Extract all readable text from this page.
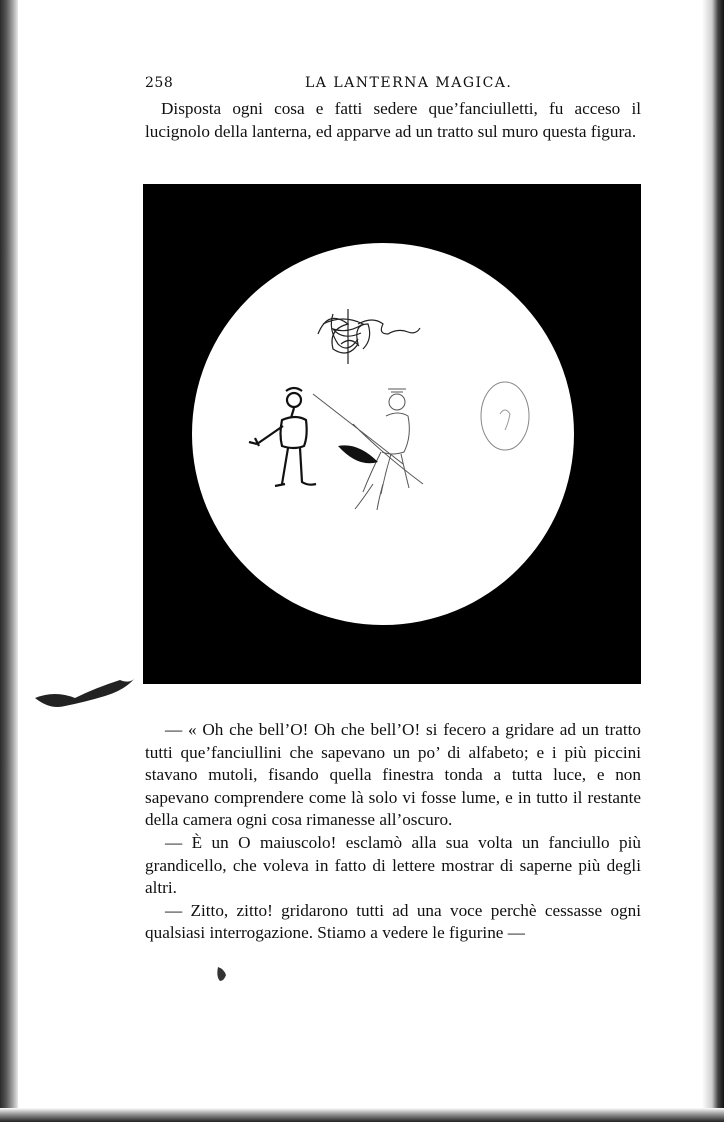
258	LA LANTERNA MAGICA.

Disposta ogni cosa e fatti sedere que’fanciulletti, fu acceso il lucignolo della lanterna, ed apparve ad un tratto sul muro questa figura.

— « Oh che bell’O! Oh che bell’O! si fecero a gridare ad un tratto tutti que’fanciullini che sapevano un po’ di alfabeto; e i più piccini stavano mutoli, fisando quella finestra tonda a tutta luce, e non sapevano comprendere come là solo vi fosse lume, e in tutto il restante della camera ogni cosa rimanesse all’oscuro.

— È un O maiuscolo! esclamò alla sua volta un fanciullo più grandicello, che voleva in fatto di lettere mostrar di saperne più degli altri.

— Zitto, zitto! gridarono tutti ad una voce perchè cessasse ogni qualsiasi interrogazione. Stiamo a vedere le figurine —
